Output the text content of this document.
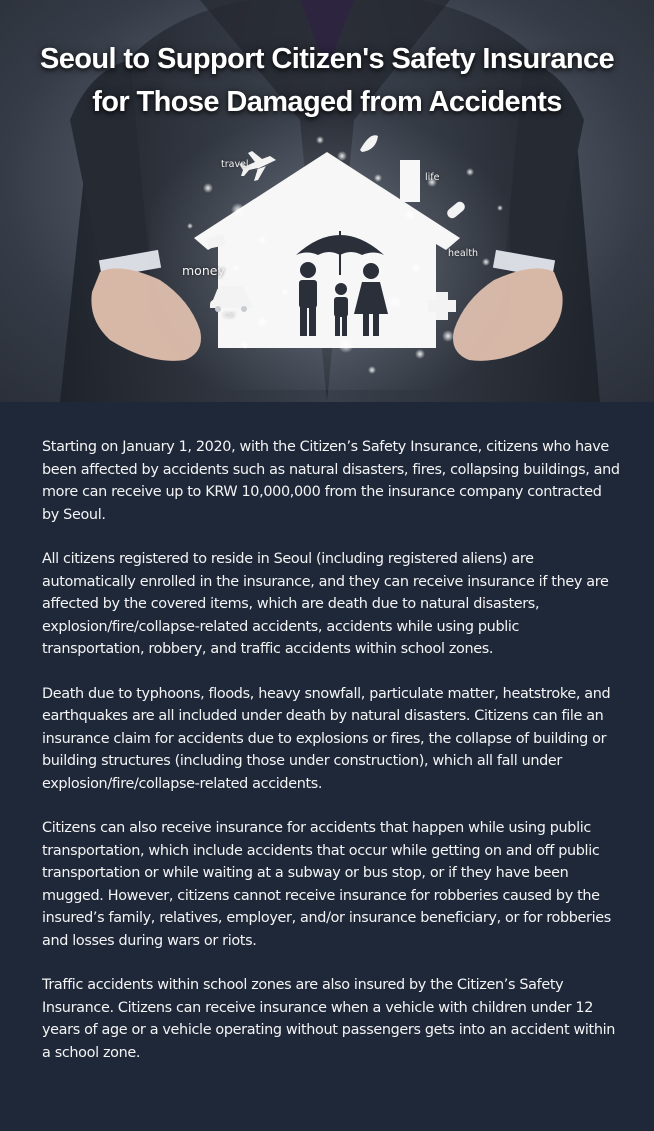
Seoul to Support Citizen's Safety Insurance
for Those Damaged from Accidents
travel
life
money
health
car

Starting on January 1, 2020, with the Citizen’s Safety Insurance, citizens who have been affected by accidents such as natural disasters, fires, collapsing buildings, and more can receive up to KRW 10,000,000 from the insurance company contracted by Seoul.

All citizens registered to reside in Seoul (including registered aliens) are automatically enrolled in the insurance, and they can receive insurance if they are affected by the covered items, which are death due to natural disasters, explosion/fire/collapse-related accidents, accidents while using public transportation, robbery, and traffic accidents within school zones.

Death due to typhoons, floods, heavy snowfall, particulate matter, heatstroke, and earthquakes are all included under death by natural disasters. Citizens can file an insurance claim for accidents due to explosions or fires, the collapse of building or building structures (including those under construction), which all fall under explosion/fire/collapse-related accidents.

Citizens can also receive insurance for accidents that happen while using public transportation, which include accidents that occur while getting on and off public transportation or while waiting at a subway or bus stop, or if they have been mugged. However, citizens cannot receive insurance for robberies caused by the insured’s family, relatives, employer, and/or insurance beneficiary, or for robberies and losses during wars or riots.

Traffic accidents within school zones are also insured by the Citizen’s Safety Insurance. Citizens can receive insurance when a vehicle with children under 12 years of age or a vehicle operating without passengers gets into an accident within a school zone.
